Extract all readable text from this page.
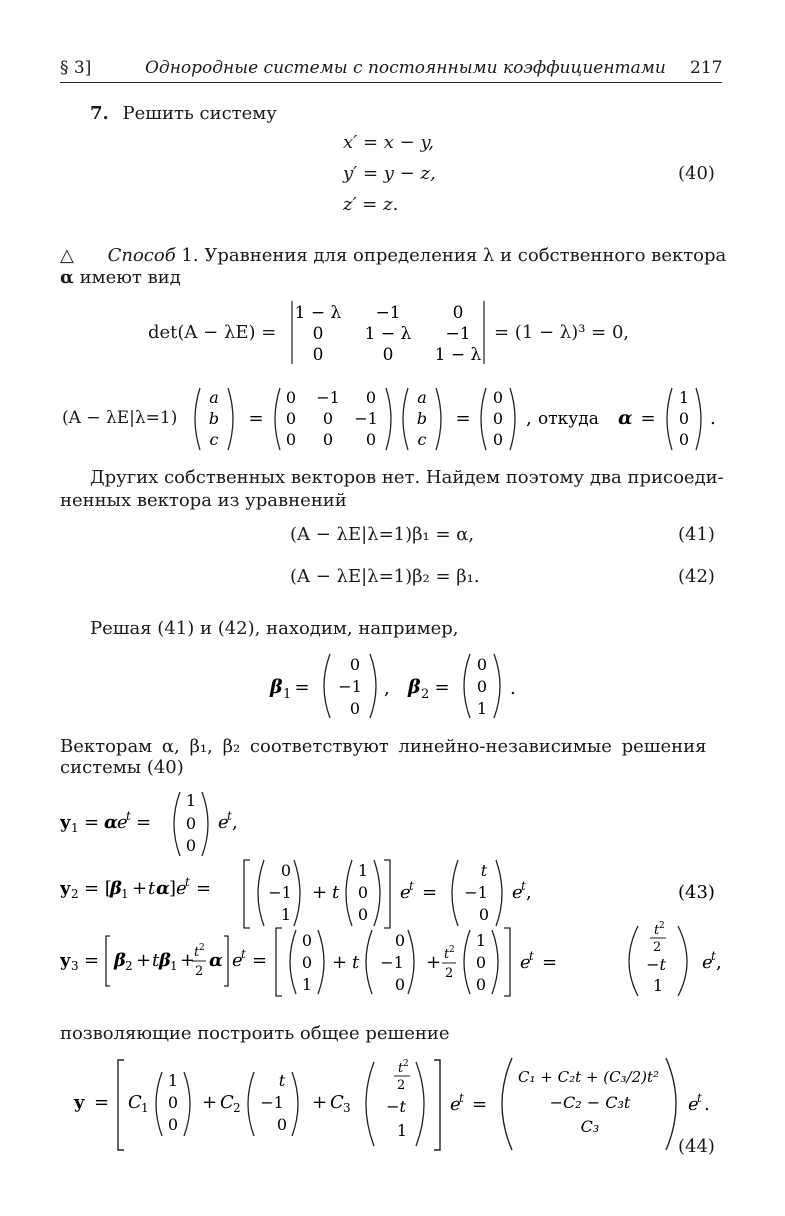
§ 3]	Однородные системы с постоянными коэффициентами 217
7. Решить систему
x′ = x − y,
y′ = y − z,
z′ = z.
(40)
△ Способ 1. Уравнения для определения λ и собственного вектора
α имеют вид
det(A − λE) =
1 − λ −1	0
0 1 − λ −1
0	0 1 − λ
= (1 − λ)³ = 0,
(A − λE|λ=1)
a
b
c
=
0 −1 0
0 0 −1
0 0 0
a
b
c
=
0
0
0
, откуда α =
1
0
0
.
Других собственных векторов нет. Найдем поэтому два присоеди-
ненных вектора из уравнений
(A − λE|λ=1)β₁ = α,	(41)
(A − λE|λ=1)β₂ = β₁.	(42)
Решая (41) и (42), находим, например,
β 1 =
0
−1
0
, β 2 =
0
0
1
.
Векторам α, β₁, β₂ соответствуют линейно-независимые решения
системы (40)
y 1 = α e
t =
1
0
0
e
t ,
y 2 = [
β 1 + t α ] e
t =
0
−1
1
+ t
1
0
0
e
t =
t
−1
0
e
t ,	(43)
y 3 = β 2 + t β 1 +
t 2
2
α e
t =
0
0
1
+ t
0
−1
0
+ t 2
2
1
0
0
e
t =
t 2
2
−t
1
e
t ,
позволяющие построить общее решение
y = C 1
1
0
0
+ C 2
t
−1
0
+ C 3
t 2
2
−t
1
e
t =
C₁ + C₂t + (C₃/2)t²
−C₂ − C₃t
C₃
e
t .
(44)
